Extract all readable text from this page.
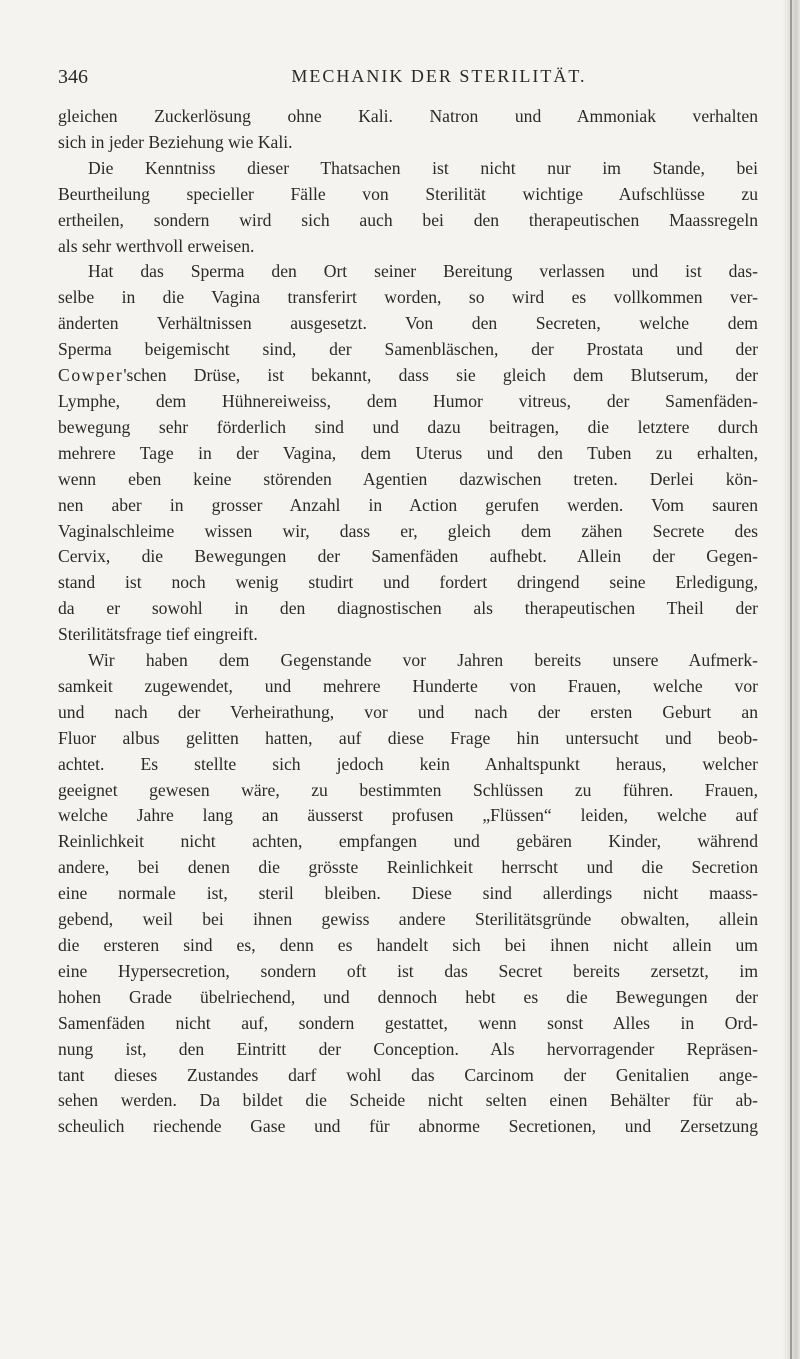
346	MECHANIK DER STERILITÄT.

gleichen Zuckerlösung ohne Kali. Natron und Ammoniak verhalten

sich in jeder Beziehung wie Kali.

Die Kenntniss dieser Thatsachen ist nicht nur im Stande, bei

Beurtheilung specieller Fälle von Sterilität wichtige Aufschlüsse zu

ertheilen, sondern wird sich auch bei den therapeutischen Maassregeln

als sehr werthvoll erweisen.

Hat das Sperma den Ort seiner Bereitung verlassen und ist das-

selbe in die Vagina transferirt worden, so wird es vollkommen ver-

änderten Verhältnissen ausgesetzt. Von den Secreten, welche dem

Sperma beigemischt sind, der Samenbläschen, der Prostata und der

Cowper'schen Drüse, ist bekannt, dass sie gleich dem Blutserum, der

Lymphe, dem Hühnereiweiss, dem Humor vitreus, der Samenfäden-

bewegung sehr förderlich sind und dazu beitragen, die letztere durch

mehrere Tage in der Vagina, dem Uterus und den Tuben zu erhalten,

wenn eben keine störenden Agentien dazwischen treten. Derlei kön-

nen aber in grosser Anzahl in Action gerufen werden. Vom sauren

Vaginalschleime wissen wir, dass er, gleich dem zähen Secrete des

Cervix, die Bewegungen der Samenfäden aufhebt. Allein der Gegen-

stand ist noch wenig studirt und fordert dringend seine Erledigung,

da er sowohl in den diagnostischen als therapeutischen Theil der

Sterilitätsfrage tief eingreift.

Wir haben dem Gegenstande vor Jahren bereits unsere Aufmerk-

samkeit zugewendet, und mehrere Hunderte von Frauen, welche vor

und nach der Verheirathung, vor und nach der ersten Geburt an

Fluor albus gelitten hatten, auf diese Frage hin untersucht und beob-

achtet. Es stellte sich jedoch kein Anhaltspunkt heraus, welcher

geeignet gewesen wäre, zu bestimmten Schlüssen zu führen. Frauen,

welche Jahre lang an äusserst profusen „Flüssen“ leiden, welche auf

Reinlichkeit nicht achten, empfangen und gebären Kinder, während

andere, bei denen die grösste Reinlichkeit herrscht und die Secretion

eine normale ist, steril bleiben. Diese sind allerdings nicht maass-

gebend, weil bei ihnen gewiss andere Sterilitätsgründe obwalten, allein

die ersteren sind es, denn es handelt sich bei ihnen nicht allein um

eine Hypersecretion, sondern oft ist das Secret bereits zersetzt, im

hohen Grade übelriechend, und dennoch hebt es die Bewegungen der

Samenfäden nicht auf, sondern gestattet, wenn sonst Alles in Ord-

nung ist, den Eintritt der Conception. Als hervorragender Repräsen-

tant dieses Zustandes darf wohl das Carcinom der Genitalien ange-

sehen werden. Da bildet die Scheide nicht selten einen Behälter für ab-

scheulich riechende Gase und für abnorme Secretionen, und Zersetzung
